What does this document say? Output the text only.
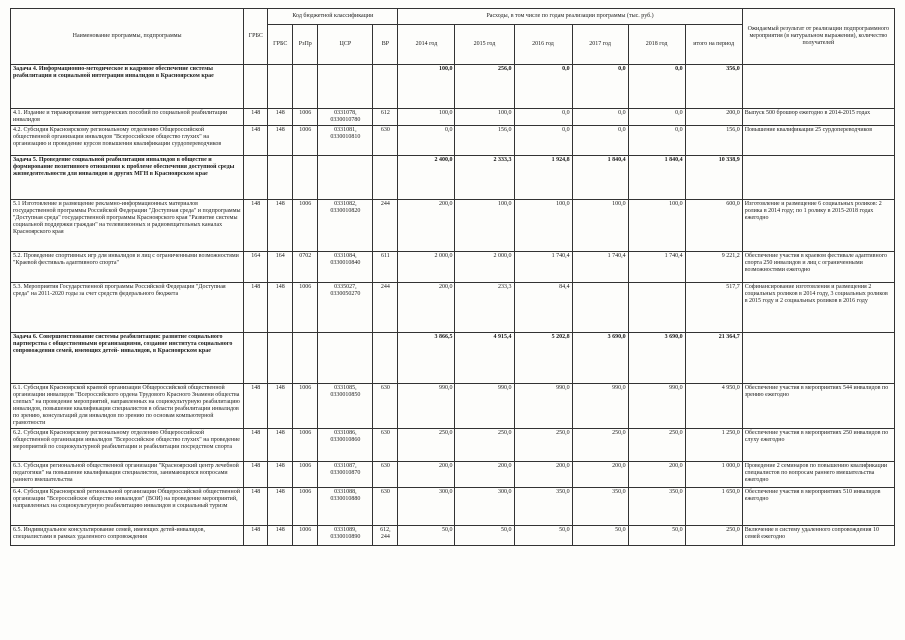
Наименование программы, подпрограммы	ГРБС	Код бюджетной классификации				Расходы, в том числе по годам реализации программы (тыс. руб.)						Ожидаемый результат от реализации подпрограммного мероприятия (в натуральном выражении), количество получателей
		ГРБС	РзПр	ЦСР	ВР	2014 год	2015 год	2016 год	2017 год	2018 год	итого на период	
Задача 4. Информационно-методическое и кадровое обеспечение системы реабилитации и социальной интеграции инвалидов в Красноярском крае						100,0	256,0	0,0	0,0	0,0	356,0	
4.1. Издание и тиражирование методических пособий по социальной реабилитации инвалидов	148	148	1006	0331078, 0330010780	612	100,0	100,0	0,0	0,0	0,0	200,0	Выпуск 500 брошюр ежегодно в 2014-2015 годах
4.2. Субсидия Красноярскому региональному отделению Общероссийской общественной организации инвалидов "Всероссийское общество глухих" на организацию и проведение курсов повышения квалификации сурдопереводчиков	148	148	1006	0331081, 0330010810	630	0,0	156,0	0,0	0,0	0,0	156,0	Повышение квалификации 25 сурдопереводчиков
Задача 5. Проведение социальной реабилитации инвалидов в обществе и формирование позитивного отношения к проблеме обеспечения доступной среды жизнедеятельности для инвалидов и других МГН в Красноярском крае						2 400,0	2 333,3	1 924,8	1 840,4	1 840,4	10 338,9	
5.1 Изготовление и размещение рекламно-информационных материалов государственной программы Российской Федерации "Доступная среда" и подпрограммы "Доступная среда" государственной программы Красноярского края "Развитие системы социальной поддержки граждан" на телевизионных и радиовещательных каналах Красноярского края	148	148	1006	0331082, 0330010820	244	200,0	100,0	100,0	100,0	100,0	600,0	Изготовление и размещение 6 социальных роликов: 2 ролика в 2014 году; по 1 ролику в 2015-2018 годах ежегодно
5.2. Проведение спортивных игр для инвалидов и лиц с ограниченными возможностями "Краевой фестиваль адаптивного спорта"	164	164	0702	0331084, 0330010840	611	2 000,0	2 000,0	1 740,4	1 740,4	1 740,4	9 221,2	Обеспечение участия в краевом фестивале адаптивного спорта 250 инвалидов и лиц с ограниченными возможностями ежегодно
5.3. Мероприятия Государственной программы Российской Федерации "Доступная среда" на 2011-2020 годы за счет средств федерального бюджета	148	148	1006	0335027, 0330050270	244	200,0	233,3	84,4			517,7	Софинансирование изготовления и размещения 2 социальных роликов в 2014 году, 3 социальных роликов в 2015 году и 2 социальных роликов в 2016 году
Задача 6. Совершенствование системы реабилитации: развитие социального партнерства с общественными организациями, создание института социального сопровождения семей, имеющих детей- инвалидов, в Красноярском крае						3 866,5	4 915,4	5 202,8	3 690,0	3 690,0	21 364,7	
6.1. Субсидия Красноярской краевой организации Общероссийской общественной организации инвалидов "Всероссийского ордена Трудового Красного Знамени общества слепых" на проведение мероприятий, направленных на социокультурную реабилитацию инвалидов, повышение квалификации специалистов в области реабилитации инвалидов по зрению, консультаций для инвалидов по зрению по основам компьютерной грамотности	148	148	1006	0331085, 0330010850	630	990,0	990,0	990,0	990,0	990,0	4 950,0	Обеспечение участия в мероприятиях 544 инвалидов по зрению ежегодно
6.2. Субсидия Красноярскому региональному отделению Общероссийской общественной организации инвалидов "Всероссийское общество глухих" на проведение мероприятий по социокультурной реабилитации и реабилитации посредством спорта	148	148	1006	0331086, 0330010860	630	250,0	250,0	250,0	250,0	250,0	1 250,0	Обеспечение участия в мероприятиях 250 инвалидов по слуху ежегодно
6.3. Субсидия региональной общественной организации "Красноярский центр лечебной педагогики" на повышение квалификации специалистов, занимающихся вопросами раннего вмешательства	148	148	1006	0331087, 0330010870	630	200,0	200,0	200,0	200,0	200,0	1 000,0	Проведение 2 семинаров по повышению квалификации специалистов по вопросам раннего вмешательства ежегодно
6.4. Субсидия Красноярской региональной организации Общероссийской общественной организации "Всероссийское общество инвалидов" (ВОИ) на проведение мероприятий, направленных на социокультурную реабилитацию инвалидов и социальный туризм	148	148	1006	0331088, 0330010880	630	300,0	300,0	350,0	350,0	350,0	1 650,0	Обеспечение участия в мероприятиях 510 инвалидов ежегодно
6.5. Индивидуальное консультирование семей, имеющих детей-инвалидов, специалистами в рамках удаленного сопровождения	148	148	1006	0331089, 0330010890	612, 244	50,0	50,0	50,0	50,0	50,0	250,0	Включение в систему удаленного сопровождения 10 семей ежегодно
